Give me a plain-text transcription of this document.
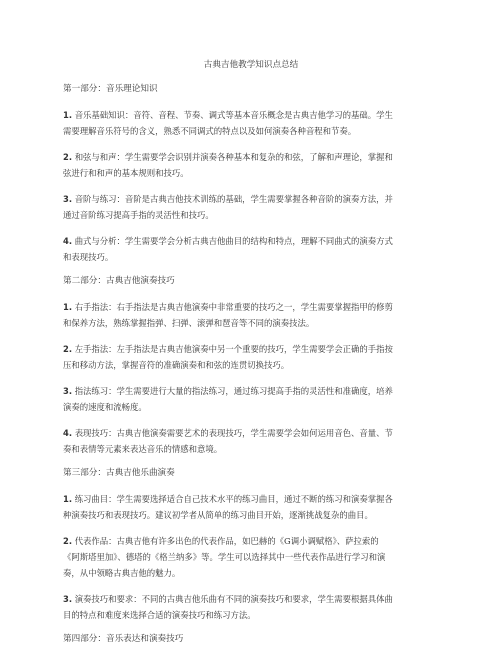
古典吉他教学知识点总结
第一部分：音乐理论知识
1. 音乐基础知识：音符、音程、节奏、调式等基本音乐概念是古典吉他学习的基础。学生
需要理解音乐符号的含义，熟悉不同调式的特点以及如何演奏各种音程和节奏。
2. 和弦与和声：学生需要学会识别并演奏各种基本和复杂的和弦，了解和声理论，掌握和
弦进行和和声的基本规则和技巧。
3. 音阶与练习：音阶是古典吉他技术训练的基础，学生需要掌握各种音阶的演奏方法，并
通过音阶练习提高手指的灵活性和技巧。
4. 曲式与分析：学生需要学会分析古典吉他曲目的结构和特点，理解不同曲式的演奏方式
和表现技巧。
第二部分：古典吉他演奏技巧
1. 右手指法：右手指法是古典吉他演奏中非常重要的技巧之一，学生需要掌握指甲的修剪
和保养方法，熟练掌握指弹、扫弹、滚弹和琶音等不同的演奏技法。
2. 左手指法：左手指法是古典吉他演奏中另一个重要的技巧，学生需要学会正确的手指按
压和移动方法，掌握音符的准确演奏和和弦的连贯切换技巧。
3. 指法练习：学生需要进行大量的指法练习，通过练习提高手指的灵活性和准确度，培养
演奏的速度和流畅度。
4. 表现技巧：古典吉他演奏需要艺术的表现技巧，学生需要学会如何运用音色、音量、节
奏和表情等元素来表达音乐的情感和意境。
第三部分：古典吉他乐曲演奏
1. 练习曲目：学生需要选择适合自己技术水平的练习曲目，通过不断的练习和演奏掌握各
种演奏技巧和表现技巧。建议初学者从简单的练习曲目开始，逐渐挑战复杂的曲目。
2. 代表作品：古典吉他有许多出色的代表作品，如巴赫的《G调小调赋格》、萨拉索的
《阿斯塔里加》、德塔的《格兰纳多》等。学生可以选择其中一些代表作品进行学习和演
奏，从中领略古典吉他的魅力。
3. 演奏技巧和要求：不同的古典吉他乐曲有不同的演奏技巧和要求，学生需要根据具体曲
目的特点和难度来选择合适的演奏技巧和练习方法。
第四部分：音乐表达和演奏技巧
